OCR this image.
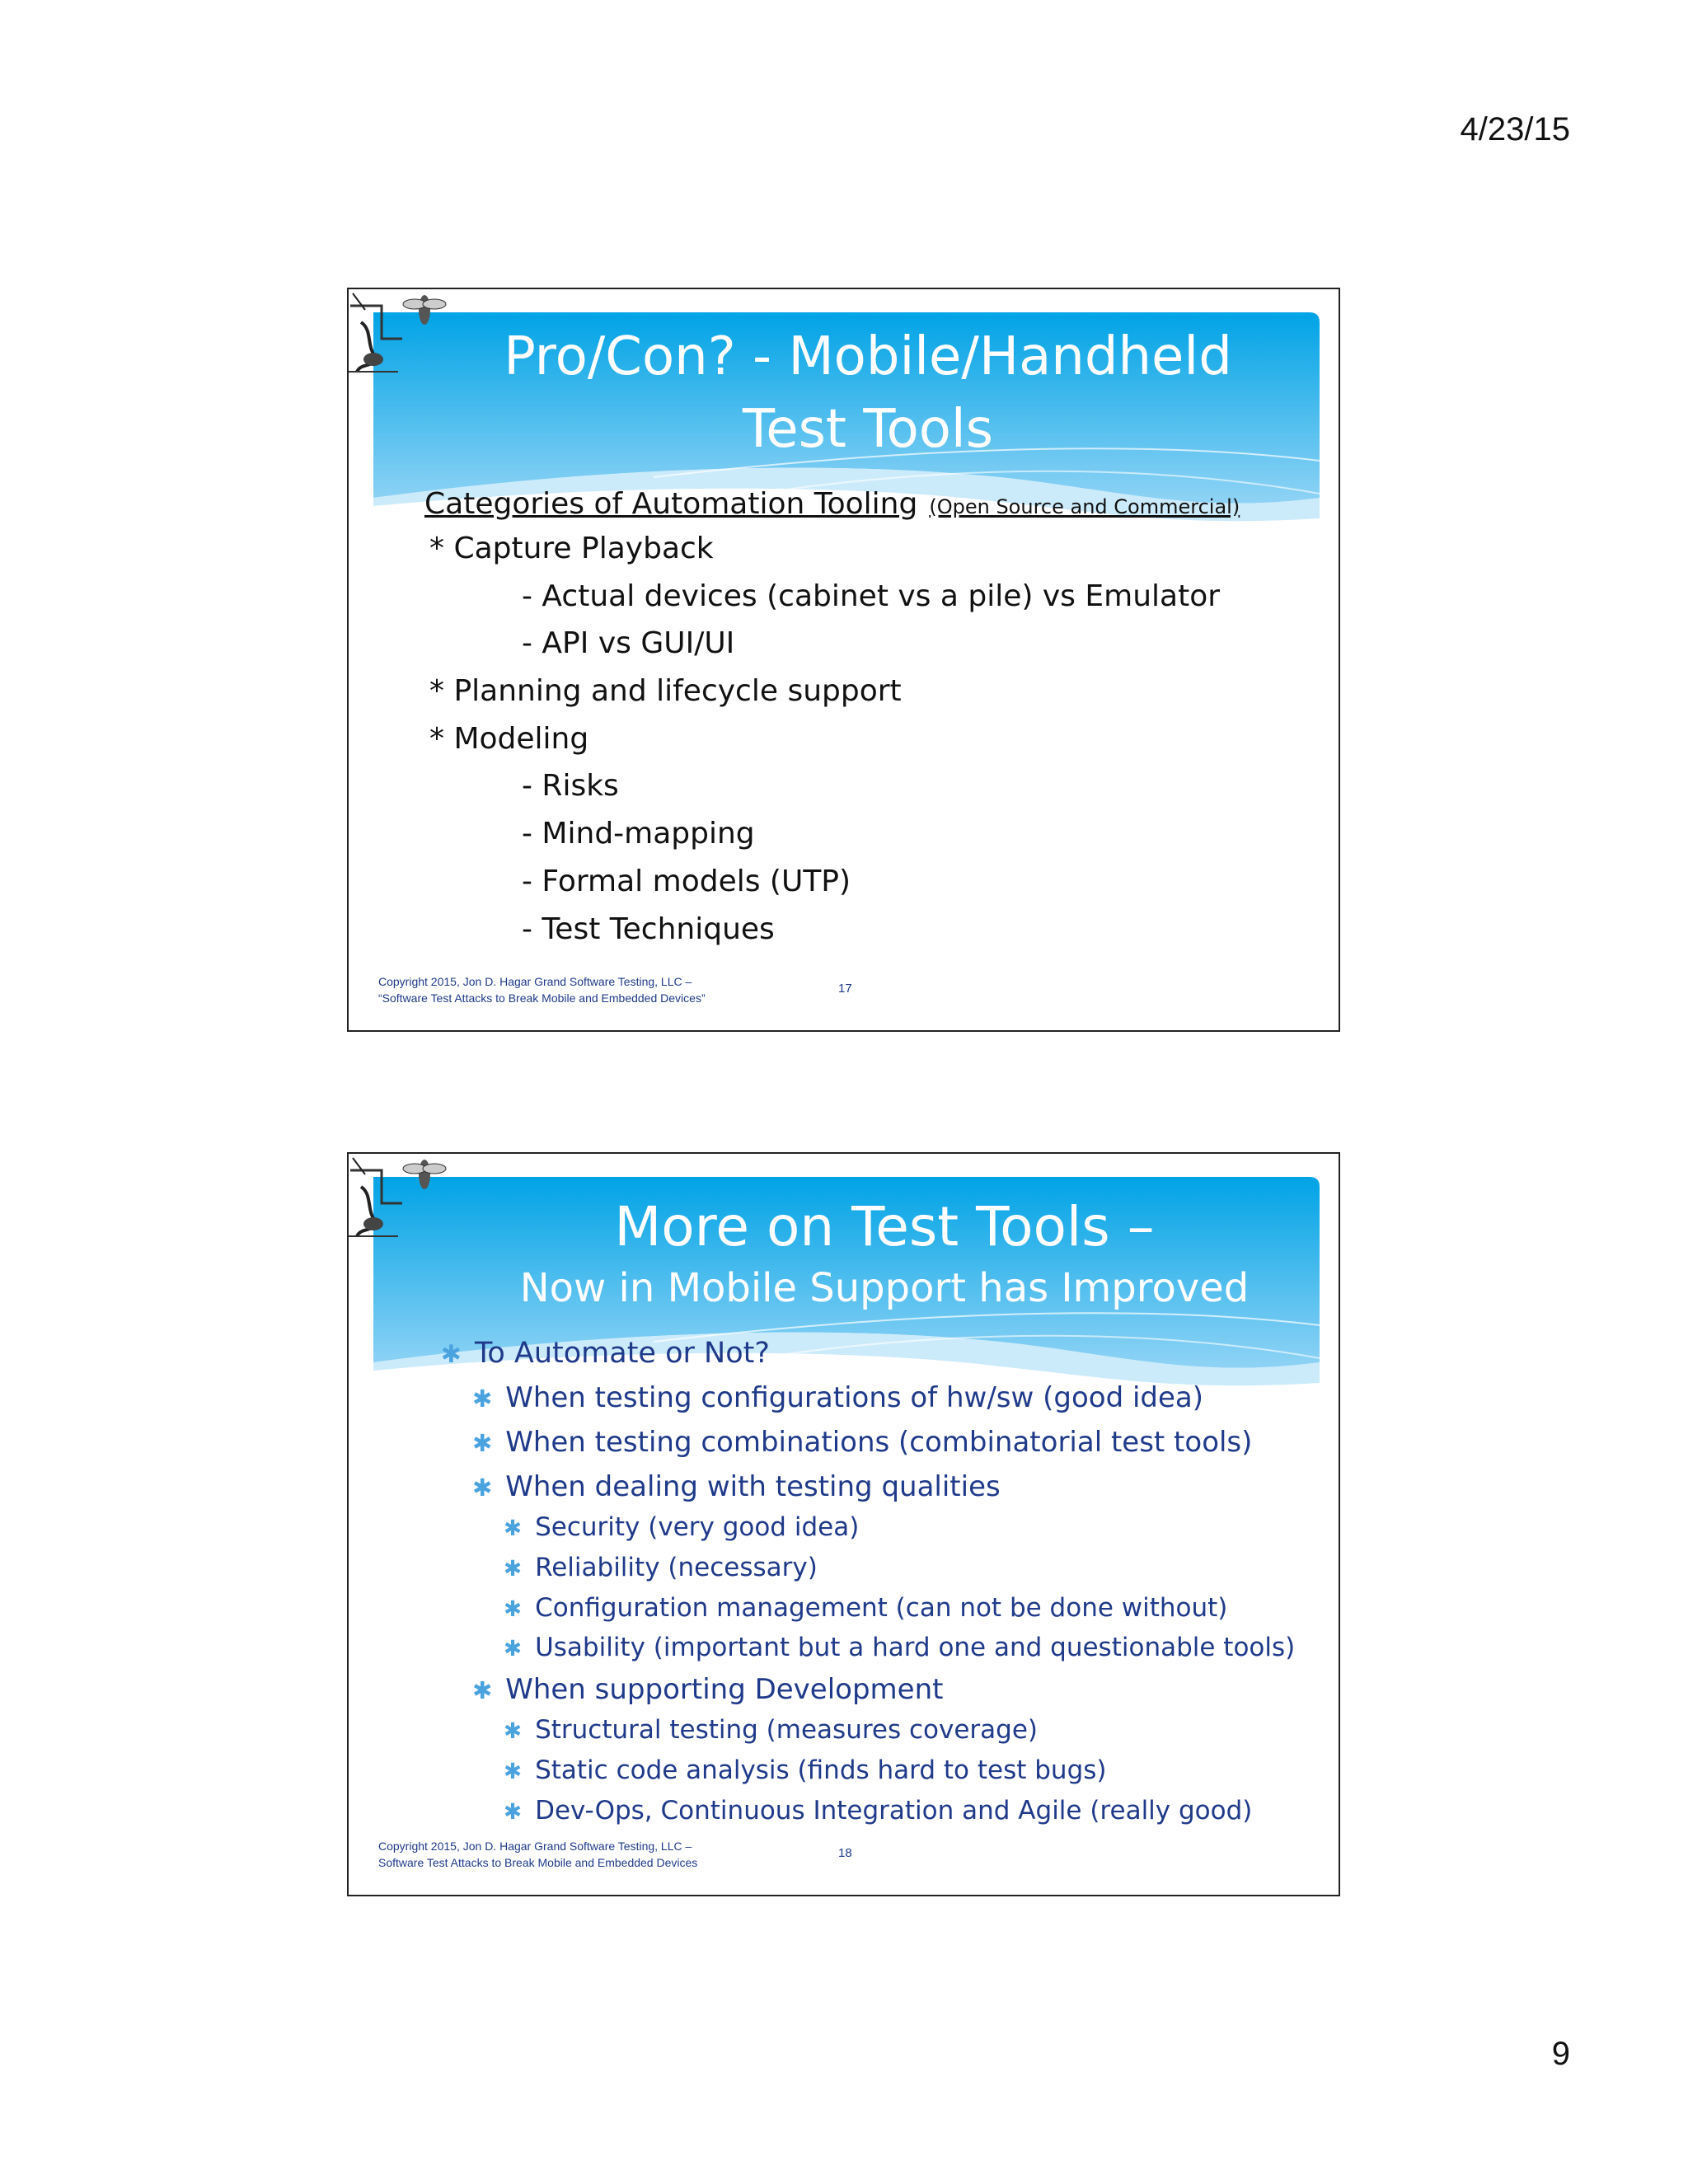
4/23/15
Pro/Con? - Mobile/Handheld
Test Tools
Categories of Automation Tooling (Open Source and Commercial)
* Capture Playback
- Actual devices (cabinet vs a pile) vs Emulator
- API vs GUI/UI
* Planning and lifecycle support
* Modeling
- Risks
- Mind-mapping
- Formal models (UTP)
- Test Techniques
Copyright 2015, Jon D. Hagar Grand Software Testing, LLC –
“Software Test Attacks to Break Mobile and Embedded Devices”
17
More on Test Tools –
Now in Mobile Support has Improved
✱ To Automate or Not?
✱ When testing configurations of hw/sw (good idea)
✱ When testing combinations (combinatorial test tools)
✱ When dealing with testing qualities
✱ Security (very good idea)
✱ Reliability (necessary)
✱ Configuration management (can not be done without)
✱ Usability (important but a hard one and questionable tools)
✱ When supporting Development
✱ Structural testing (measures coverage)
✱ Static code analysis (finds hard to test bugs)
✱ Dev-Ops, Continuous Integration and Agile (really good)
Copyright 2015, Jon D. Hagar Grand Software Testing, LLC –
Software Test Attacks to Break Mobile and Embedded Devices
18
9
